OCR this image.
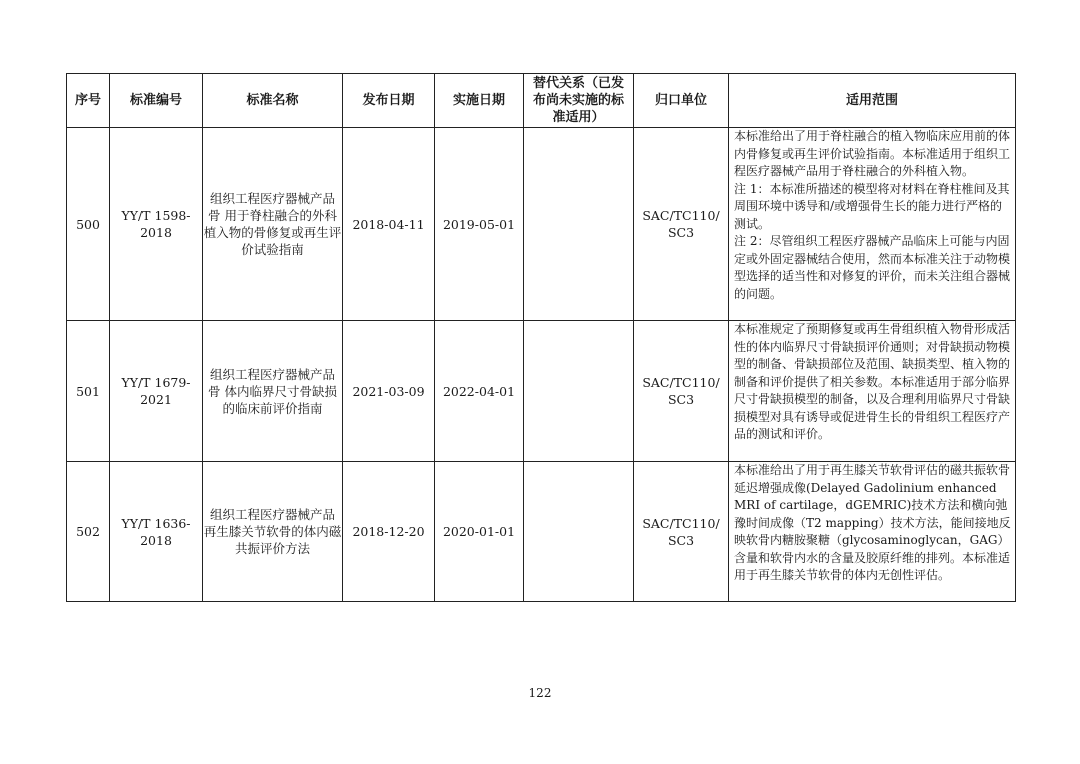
序号	标准编号	标准名称	发布日期	实施日期	替代关系（已发布尚未实施的标准适用）	归口单位	适用范围
500	YY/T 1598-2018	组织工程医疗器械产品 骨 用于脊柱融合的外科植入物的骨修复或再生评价试验指南	2018-04-11	2019-05-01		SAC/TC110/SC3	本标准给出了用于脊柱融合的植入物临床应用前的体内骨修复或再生评价试验指南。本标准适用于组织工程医疗器械产品用于脊柱融合的外科植入物。

注 1：本标准所描述的模型将对材料在脊柱椎间及其周围环境中诱导和/或增强骨生长的能力进行严格的测试。

注 2：尽管组织工程医疗器械产品临床上可能与内固定或外固定器械结合使用，然而本标准关注于动物模型选择的适当性和对修复的评价，而未关注组合器械的问题。

501	YY/T 1679-2021	组织工程医疗器械产品 骨 体内临界尺寸骨缺损的临床前评价指南	2021-03-09	2022-04-01		SAC/TC110/SC3	本标准规定了预期修复或再生骨组织植入物骨形成活性的体内临界尺寸骨缺损评价通则；对骨缺损动物模型的制备、骨缺损部位及范围、缺损类型、植入物的制备和评价提供了相关参数。本标准适用于部分临界尺寸骨缺损模型的制备，以及合理利用临界尺寸骨缺损模型对具有诱导或促进骨生长的骨组织工程医疗产品的测试和评价。

502	YY/T 1636-2018	组织工程医疗器械产品 再生膝关节软骨的体内磁共振评价方法	2018-12-20	2020-01-01		SAC/TC110/SC3	本标准给出了用于再生膝关节软骨评估的磁共振软骨延迟增强成像(Delayed Gadolinium enhanced MRI of cartilage，dGEMRIC)技术方法和横向弛豫时间成像（T2 mapping）技术方法，能间接地反映软骨内糖胺聚糖（glycosaminoglycan，GAG）含量和软骨内水的含量及胶原纤维的排列。本标准适用于再生膝关节软骨的体内无创性评估。

122
